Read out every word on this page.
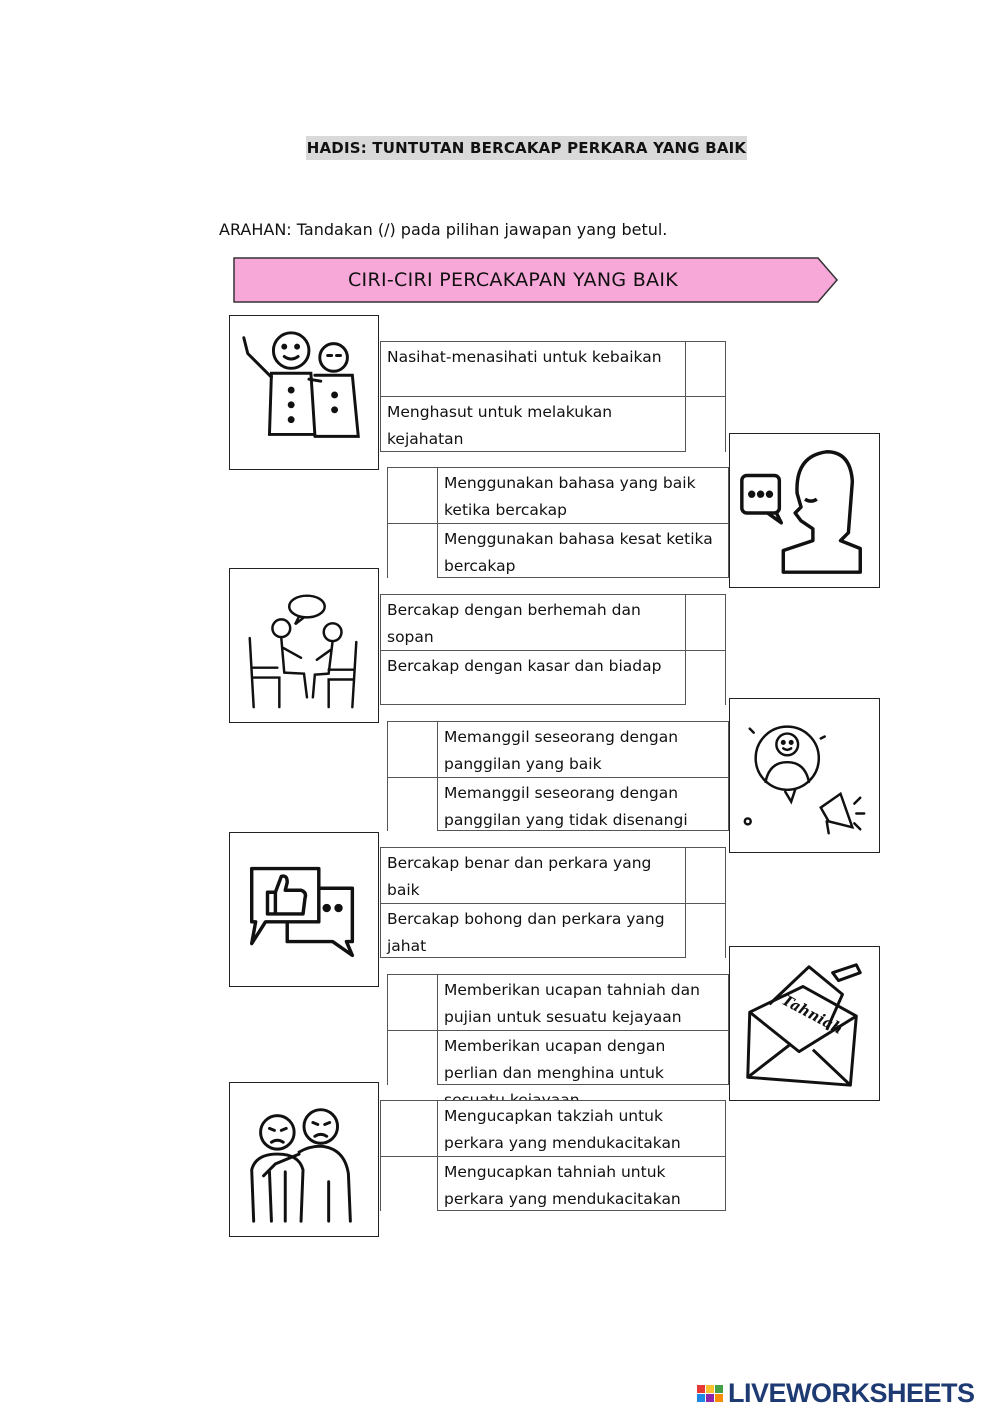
HADIS: TUNTUTAN BERCAKAP PERKARA YANG BAIK
ARAHAN: Tandakan (/) pada pilihan jawapan yang betul.
CIRI-CIRI PERCAKAPAN YANG BAIK
Nasihat-menasihati untuk kebaikan
Menghasut untuk melakukan kejahatan
Menggunakan bahasa yang baik ketika bercakap
Menggunakan bahasa kesat ketika bercakap
Bercakap dengan berhemah dan sopan
Bercakap dengan kasar dan biadap
Memanggil seseorang dengan panggilan yang baik
Memanggil seseorang dengan panggilan yang tidak disenangi
Bercakap benar dan perkara yang baik
Bercakap bohong dan perkara yang jahat
Memberikan ucapan tahniah dan pujian untuk sesuatu kejayaan
Memberikan ucapan dengan perlian dan menghina untuk
Tahniah
Mengucapkan takziah untuk perkara yang mendukacitakan
Mengucapkan tahniah untuk perkara yang mendukacitakan
LIVEWORKSHEETS
